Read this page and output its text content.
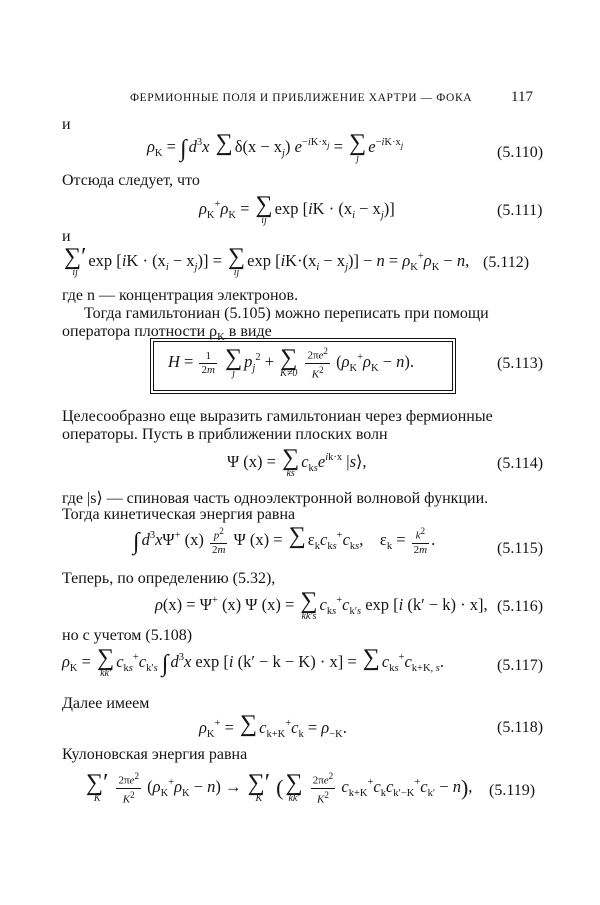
ФЕРМИОННЫЕ ПОЛЯ И ПРИБЛИЖЕНИЕ ХАРТРИ — ФОКА	117
и
$\rho_K$ = ∫ $d^3x$ ∑
$\delta(x - x_j)$ $e^{-iK\cdot x_j}$ = ∑
j
$e^{-iK\cdot x_j}$	(5.110)
Отсюда следует, что
$\rho_K^+\rho_K$ = ∑
ij
$\exp [iK \cdot (x_i - x_j)]$	(5.111)
и
∑′
ij
$\exp [iK \cdot (x_i - x_j)]$ = ∑
ij
$\exp [iK\cdot(x_i - x_j)] - n = \rho_K^+\rho_K - n$, (5.112)
где n — концентрация электронов.
Тогда гамильтониан (5.105) можно переписать при помощи
оператора плотности $\rho_K$ в виде
$H = \frac{1}{2m}$
∑
j
$p_j^2$ + ∑
K≠0
$\frac{2\pi e^2}{K^2} (\rho_K^+\rho_K - n)$.	(5.113)
Целесообразно еще выразить гамильтониан через фермионные
операторы. Пусть в приближении плоских волн
Ψ (x) = ∑
ks
$c_{ks}e^{ik\cdot x}$ |s⟩,	(5.114)
где |s⟩ — спиновая часть одноэлектронной волновой функции.
Тогда кинетическая энергия равна
∫ $d^3x\Psi^+$ $(x) \frac{p^2}{2m}$ Ψ (x) = ∑
$\varepsilon_kc_{ks}^+c_{ks}$,    $\varepsilon_k = \frac{k^2}{2m}$ .	(5.115)
Теперь, по определению (5.32),
ρ(x) = Ψ+ (x) Ψ (x) = ∑
kk′s
$c_{ks}^+c_{k's}$ exp [i (k′ − k) · x], (5.116)
но с учетом (5.108)
$\rho_K$ = ∑
kk′
$c_{ks}^+c_{k's}$ ∫ $d^3x$ exp [i (k′ − k − K) · x] = ∑
$c_{ks}^+c_{k+K, s}$.	(5.117)
Далее имеем
$\rho_K^+$ = ∑
$c_{k+K}^+c_k = \rho_{-K}$.	(5.118)
Кулоновская энергия равна
∑′
K
	$\frac{2\pi e^2}{K^2} (\rho_K^+\rho_K - n)$ → ∑′
K ( ∑
kk′
$\frac{2\pi e^2}{K^2} c_{k+K}^+c_kc_{k'-K}^+c_{k'} - n$), (5.119)
